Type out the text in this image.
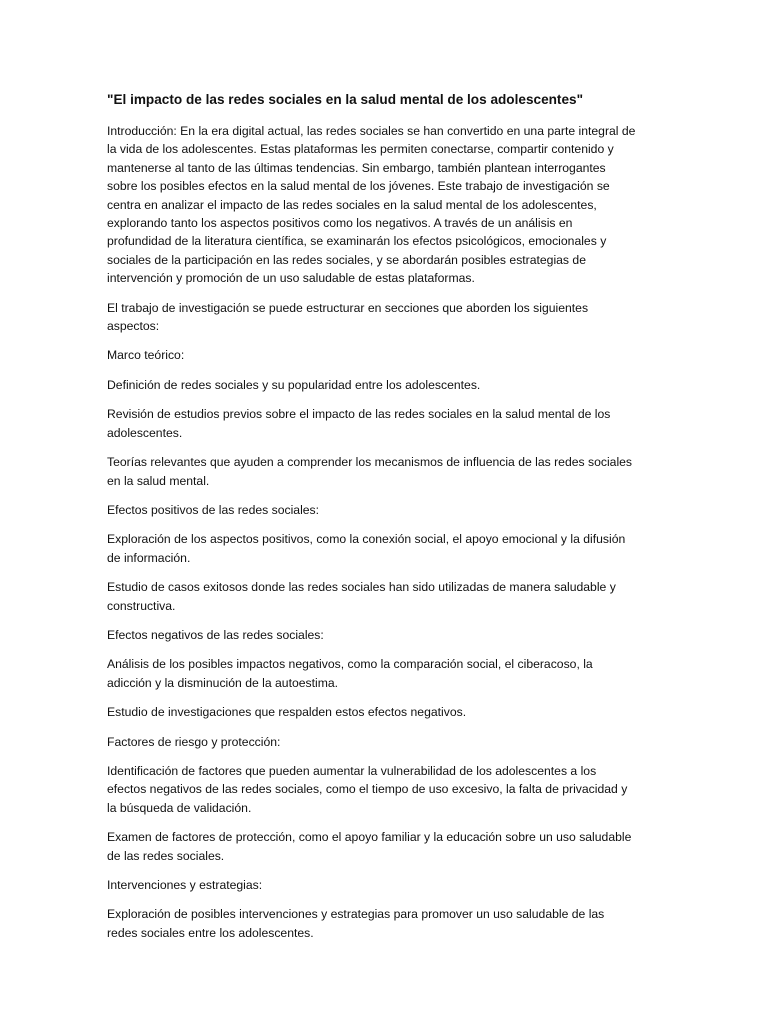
"El impacto de las redes sociales en la salud mental de los adolescentes"

Introducción: En la era digital actual, las redes sociales se han convertido en una parte integral de la vida de los adolescentes. Estas plataformas les permiten conectarse, compartir contenido y mantenerse al tanto de las últimas tendencias. Sin embargo, también plantean interrogantes sobre los posibles efectos en la salud mental de los jóvenes. Este trabajo de investigación se centra en analizar el impacto de las redes sociales en la salud mental de los adolescentes, explorando tanto los aspectos positivos como los negativos. A través de un análisis en profundidad de la literatura científica, se examinarán los efectos psicológicos, emocionales y sociales de la participación en las redes sociales, y se abordarán posibles estrategias de intervención y promoción de un uso saludable de estas plataformas.

El trabajo de investigación se puede estructurar en secciones que aborden los siguientes aspectos:

Marco teórico:

Definición de redes sociales y su popularidad entre los adolescentes.

Revisión de estudios previos sobre el impacto de las redes sociales en la salud mental de los adolescentes.

Teorías relevantes que ayuden a comprender los mecanismos de influencia de las redes sociales en la salud mental.

Efectos positivos de las redes sociales:

Exploración de los aspectos positivos, como la conexión social, el apoyo emocional y la difusión de información.

Estudio de casos exitosos donde las redes sociales han sido utilizadas de manera saludable y constructiva.

Efectos negativos de las redes sociales:

Análisis de los posibles impactos negativos, como la comparación social, el ciberacoso, la adicción y la disminución de la autoestima.

Estudio de investigaciones que respalden estos efectos negativos.

Factores de riesgo y protección:

Identificación de factores que pueden aumentar la vulnerabilidad de los adolescentes a los efectos negativos de las redes sociales, como el tiempo de uso excesivo, la falta de privacidad y la búsqueda de validación.

Examen de factores de protección, como el apoyo familiar y la educación sobre un uso saludable de las redes sociales.

Intervenciones y estrategias:

Exploración de posibles intervenciones y estrategias para promover un uso saludable de las redes sociales entre los adolescentes.
